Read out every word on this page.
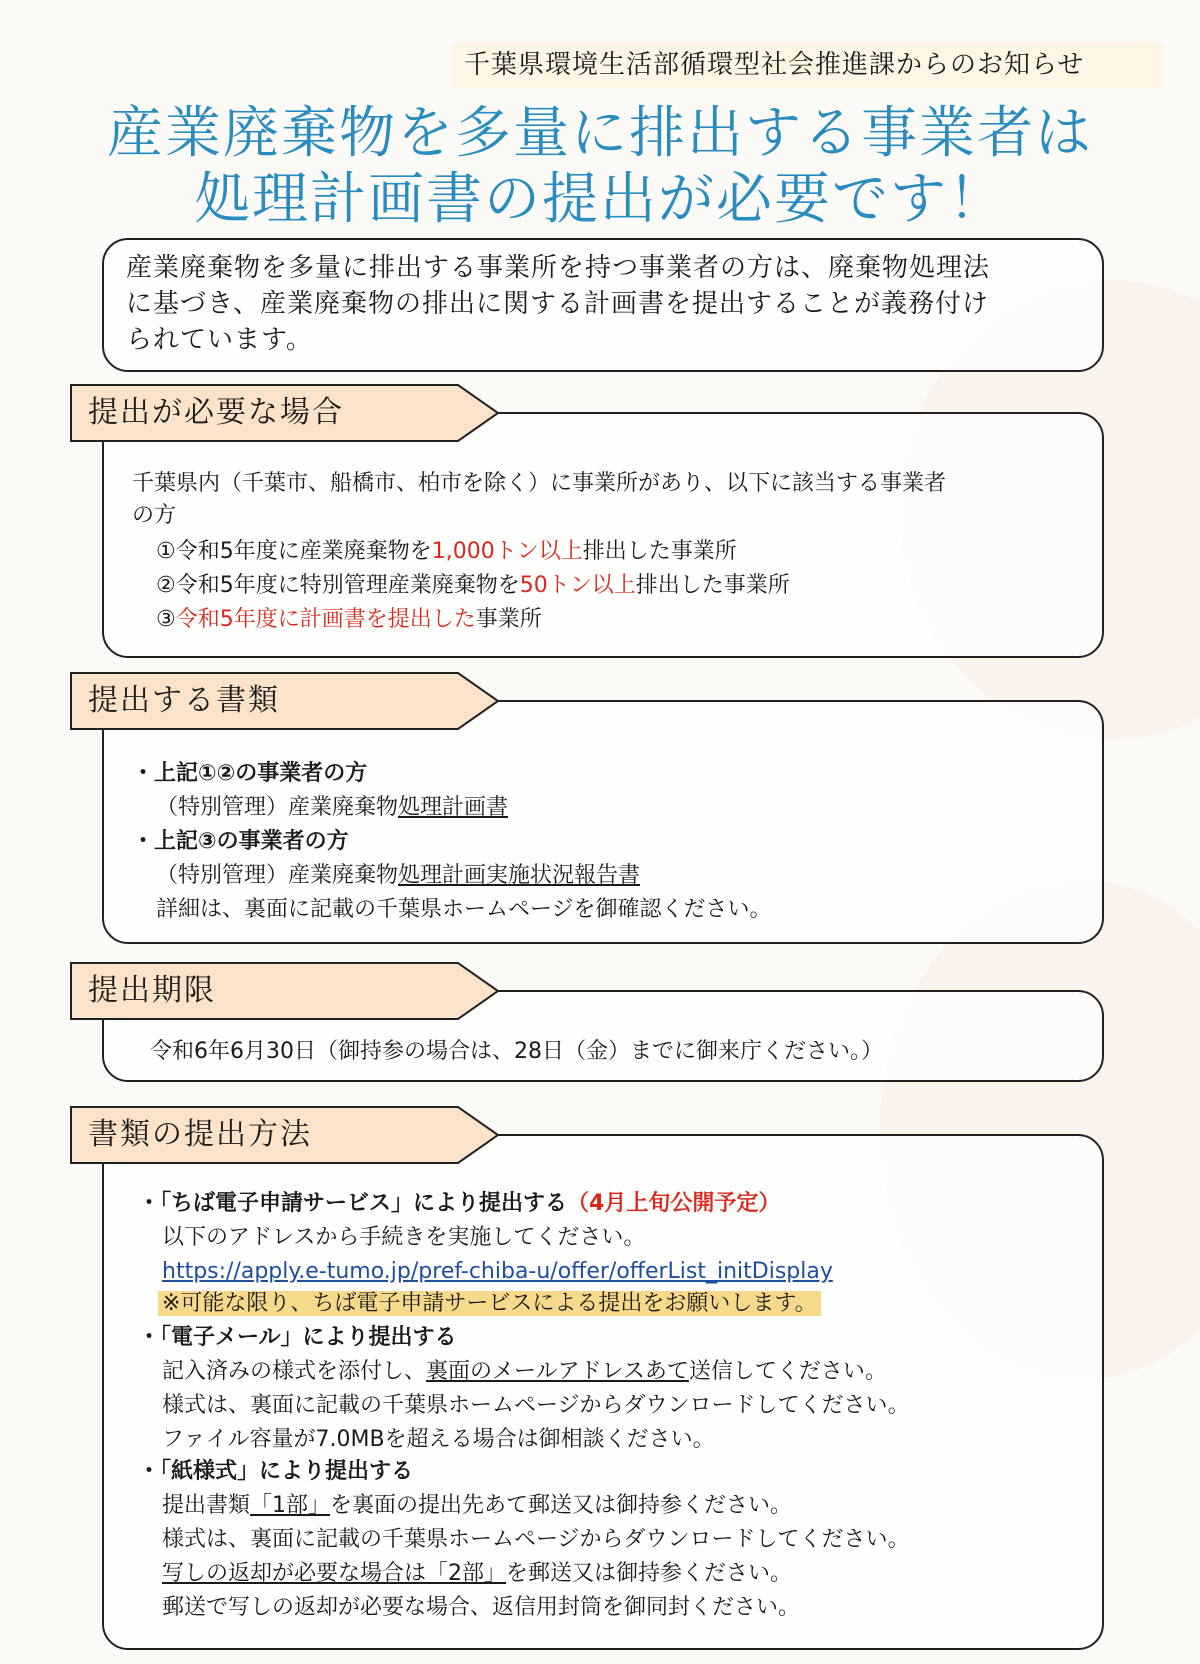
千葉県環境生活部循環型社会推進課からのお知らせ
産業廃棄物を多量に排出する事業者は
処理計画書の提出が必要です！
産業廃棄物を多量に排出する事業所を持つ事業者の方は、廃棄物処理法
に基づき、産業廃棄物の排出に関する計画書を提出することが義務付け
られています。
千葉県内（千葉市、船橋市、柏市を除く）に事業所があり、以下に該当する事業者
の方
①令和5年度に産業廃棄物を1,000トン以上排出した事業所
②令和5年度に特別管理産業廃棄物を50トン以上排出した事業所
③令和5年度に計画書を提出した事業所
提出が必要な場合
・上記①②の事業者の方
（特別管理）産業廃棄物処理計画書
・上記③の事業者の方
（特別管理）産業廃棄物処理計画実施状況報告書
詳細は、裏面に記載の千葉県ホームページを御確認ください。
提出する書類
令和6年6月30日（御持参の場合は、28日（金）までに御来庁ください。）
提出期限
・「ちば電子申請サービス」により提出する（4月上旬公開予定）
以下のアドレスから手続きを実施してください。
https://apply.e-tumo.jp/pref-chiba-u/offer/offerList_initDisplay
※可能な限り、ちば電子申請サービスによる提出をお願いします。
・「電子メール」により提出する
記入済みの様式を添付し、裏面のメールアドレスあて送信してください。
様式は、裏面に記載の千葉県ホームページからダウンロードしてください。
ファイル容量が7.0MBを超える場合は御相談ください。
・「紙様式」により提出する
提出書類「1部」を裏面の提出先あて郵送又は御持参ください。
様式は、裏面に記載の千葉県ホームページからダウンロードしてください。
写しの返却が必要な場合は「2部」を郵送又は御持参ください。
郵送で写しの返却が必要な場合、返信用封筒を御同封ください。
書類の提出方法
